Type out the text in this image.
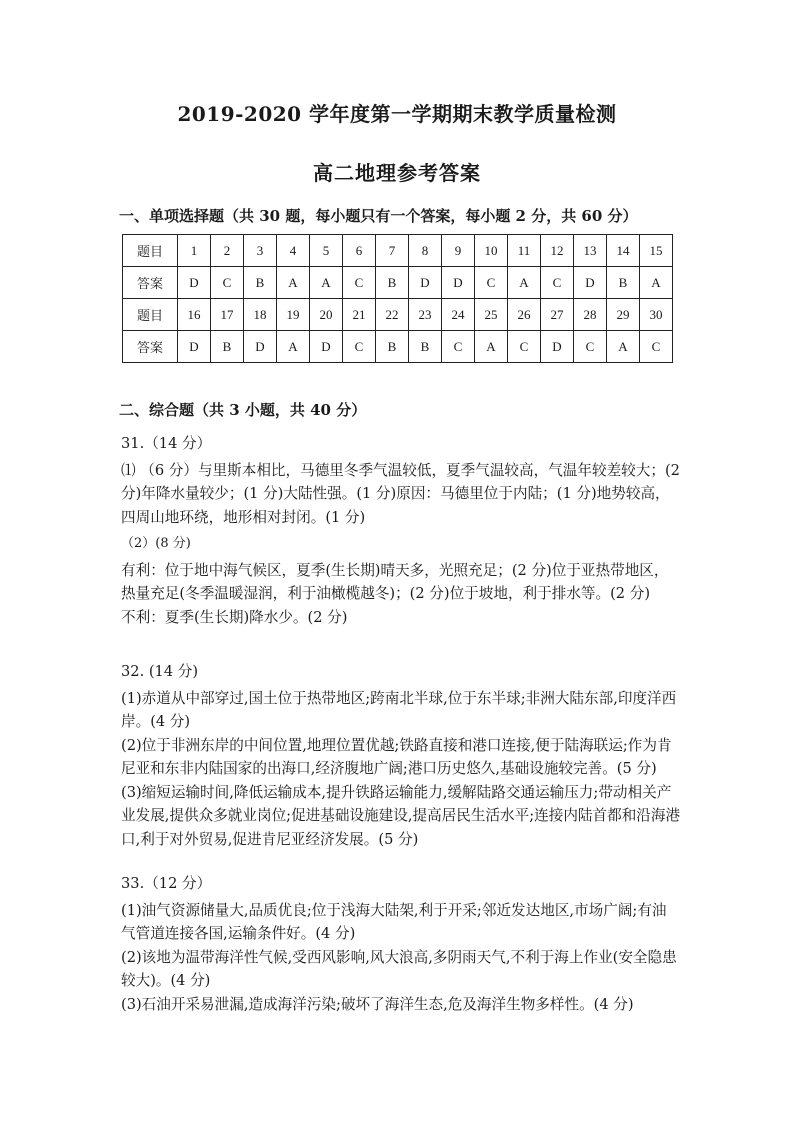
2019-2020 学年度第一学期期末教学质量检测
高二地理参考答案
一、单项选择题（共 30 题，每小题只有一个答案，每小题 2 分，共 60 分）
题目	1	2	3	4	5	6	7	8	9	10	11	12	13	14	15
答案	D	C	B	A	A	C	B	D	D	C	A	C	D	B	A
题目	16	17	18	19	20	21	22	23	24	25	26	27	28	29	30
答案	D	B	D	A	D	C	B	B	C	A	C	D	C	A	C
二、综合题（共 3 小题，共 40 分）

31.（14 分）

⑴ （6 分）与里斯本相比，马德里冬季气温较低，夏季气温较高，气温年较差较大；(2 分)年降水量较少；(1 分)大陆性强。(1 分)原因：马德里位于内陆；(1 分)地势较高，四周山地环绕，地形相对封闭。(1 分)

（2）(8 分)

有利：位于地中海气候区，夏季(生长期)晴天多，光照充足；(2 分)位于亚热带地区，热量充足(冬季温暖湿润，利于油橄榄越冬)；(2 分)位于坡地，利于排水等。(2 分)

不利：夏季(生长期)降水少。(2 分)

32. (14 分)

(1)赤道从中部穿过,国土位于热带地区;跨南北半球,位于东半球;非洲大陆东部,印度洋西岸。(4 分)

(2)位于非洲东岸的中间位置,地理位置优越;铁路直接和港口连接,便于陆海联运;作为肯尼亚和东非内陆国家的出海口,经济腹地广阔;港口历史悠久,基础设施较完善。(5 分)

(3)缩短运输时间,降低运输成本,提升铁路运输能力,缓解陆路交通运输压力;带动相关产业发展,提供众多就业岗位;促进基础设施建设,提高居民生活水平;连接内陆首都和沿海港口,利于对外贸易,促进肯尼亚经济发展。(5 分)

33.（12 分）

(1)油气资源储量大,品质优良;位于浅海大陆架,利于开采;邻近发达地区,市场广阔;有油气管道连接各国,运输条件好。(4 分)

(2)该地为温带海洋性气候,受西风影响,风大浪高,多阴雨天气,不利于海上作业(安全隐患较大)。(4 分)

(3)石油开采易泄漏,造成海洋污染;破坏了海洋生态,危及海洋生物多样性。(4 分)
